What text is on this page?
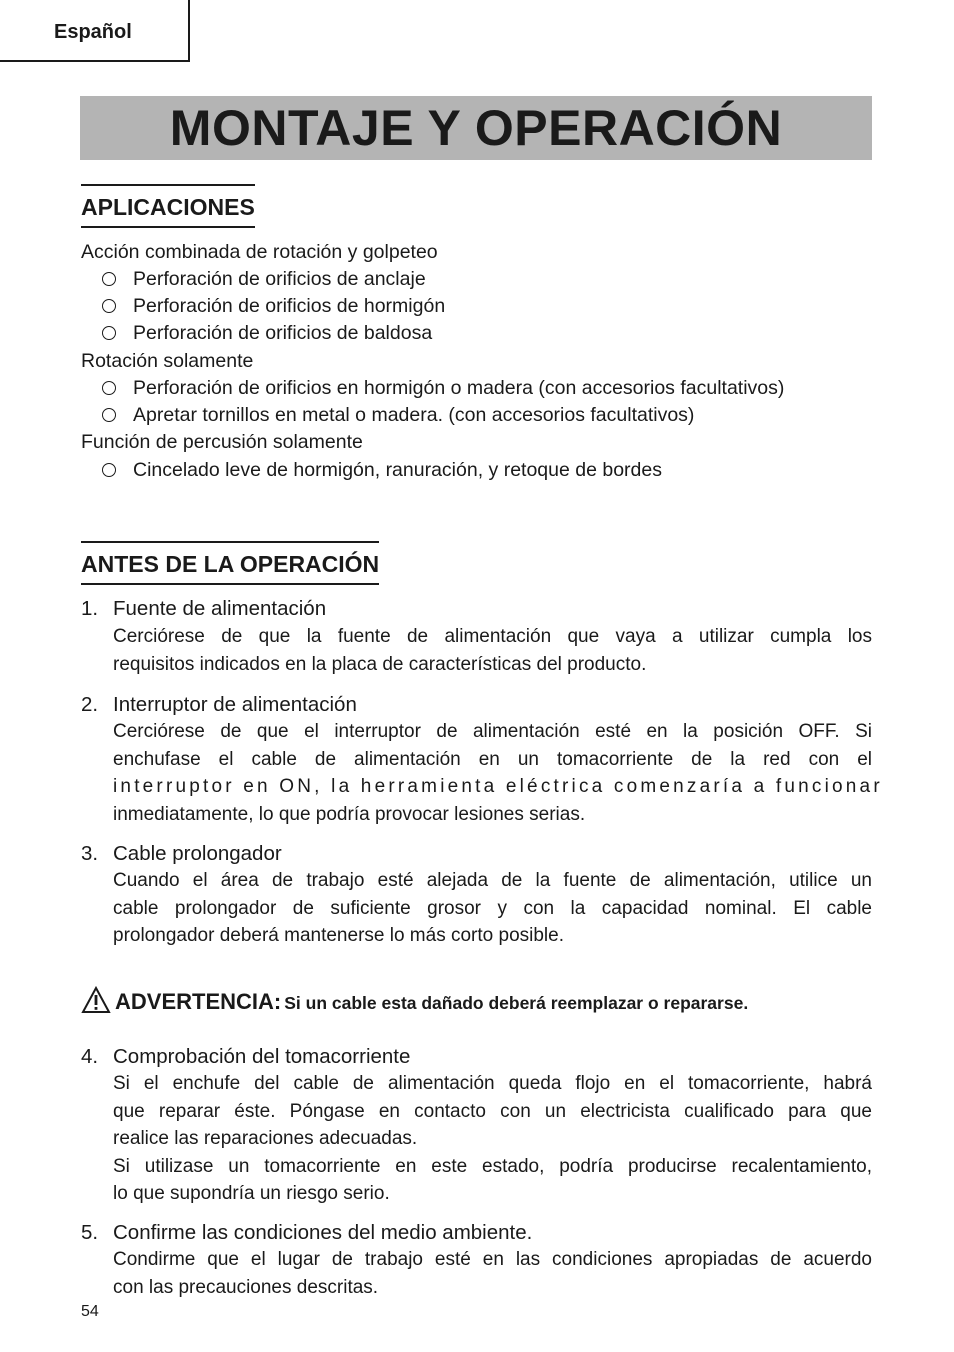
Español
MONTAJE Y OPERACIÓN
APLICACIONES
Acción combinada de rotación y golpeteo
Perforación de orificios de anclaje
Perforación de orificios de hormigón
Perforación de orificios de baldosa
Rotación solamente
Perforación de orificios en hormigón o madera (con accesorios facultativos)
Apretar tornillos en metal o madera. (con accesorios facultativos)
Función de percusión solamente
Cincelado leve de hormigón, ranuración, y retoque de bordes
ANTES DE LA OPERACIÓN
1. Fuente de alimentación
Cerciórese de que la fuente de alimentación que vaya a utilizar cumpla los
requisitos indicados en la placa de características del producto.
2. Interruptor de alimentación
Cerciórese de que el interruptor de alimentación esté en la posición OFF. Si
enchufase el cable de alimentación en un tomacorriente de la red con el
interruptor en ON, la herramienta eléctrica comenzaría a funcionar
inmediatamente, lo que podría provocar lesiones serias.
3. Cable prolongador
Cuando el área de trabajo esté alejada de la fuente de alimentación, utilice un
cable prolongador de suficiente grosor y con la capacidad nominal. El cable
prolongador deberá mantenerse lo más corto posible.
ADVERTENCIA: Si un cable esta dañado deberá reemplazar o repararse.
4. Comprobación del tomacorriente
Si el enchufe del cable de alimentación queda flojo en el tomacorriente, habrá
que reparar éste. Póngase en contacto con un electricista cualificado para que
realice las reparaciones adecuadas.
Si utilizase un tomacorriente en este estado, podría producirse recalentamiento,
lo que supondría un riesgo serio.
5. Confirme las condiciones del medio ambiente.
Condirme que el lugar de trabajo esté en las condiciones apropiadas de acuerdo
con las precauciones descritas.
54
